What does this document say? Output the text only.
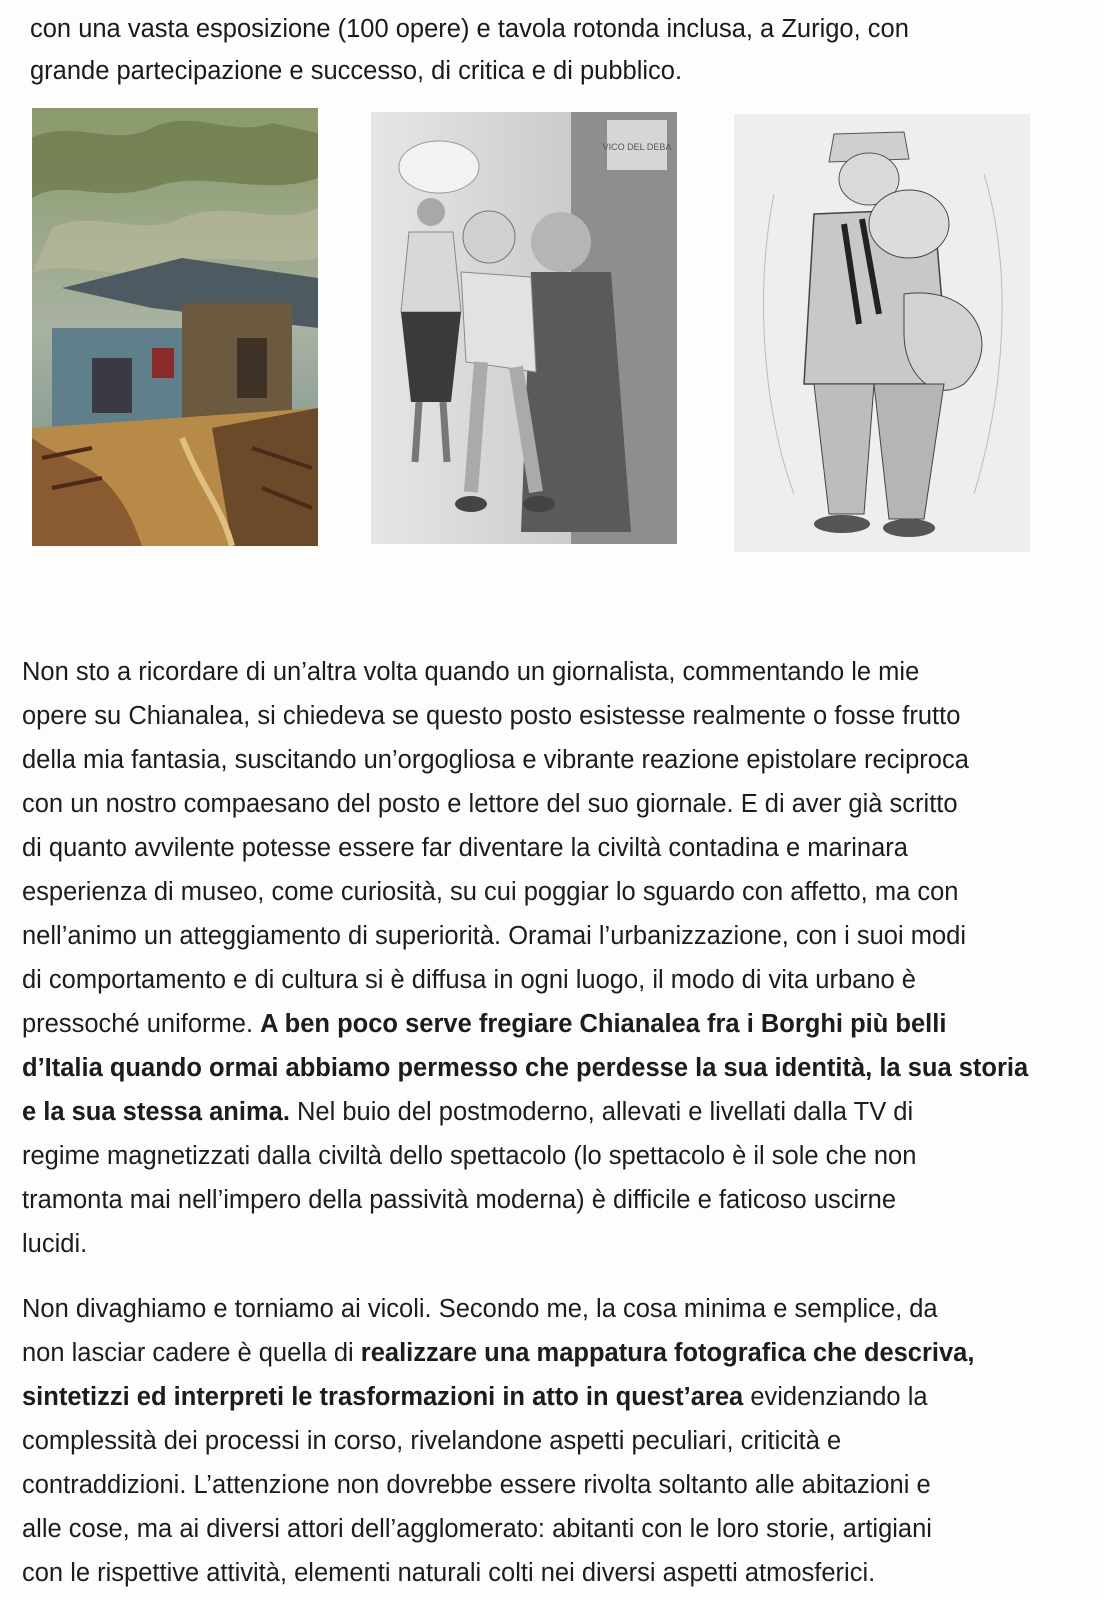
con una vasta esposizione (100 opere) e tavola rotonda inclusa, a Zurigo, con
grande partecipazione e successo, di critica e di pubblico.

VICO DEL DEBA

Non sto a ricordare di un’altra volta quando un giornalista, commentando le mie
opere su Chianalea, si chiedeva se questo posto esistesse realmente o fosse frutto
della mia fantasia, suscitando un’orgogliosa e vibrante reazione epistolare reciproca
con un nostro compaesano del posto e lettore del suo giornale. E di aver già scritto
di quanto avvilente potesse essere far diventare la civiltà contadina e marinara
esperienza di museo, come curiosità, su cui poggiar lo sguardo con affetto, ma con
nell’animo un atteggiamento di superiorità. Oramai l’urbanizzazione, con i suoi modi
di comportamento e di cultura si è diffusa in ogni luogo, il modo di vita urbano è
pressoché uniforme. A ben poco serve fregiare Chianalea fra i Borghi più belli
d’Italia quando ormai abbiamo permesso che perdesse la sua identità, la sua storia
e la sua stessa anima. Nel buio del postmoderno, allevati e livellati dalla TV di
regime magnetizzati dalla civiltà dello spettacolo (lo spettacolo è il sole che non
tramonta mai nell’impero della passività moderna) è difficile e faticoso uscirne
lucidi.

Non divaghiamo e torniamo ai vicoli. Secondo me, la cosa minima e semplice, da
non lasciar cadere è quella di realizzare una mappatura fotografica che descriva,
sintetizzi ed interpreti le trasformazioni in atto in quest’area evidenziando la
complessità dei processi in corso, rivelandone aspetti peculiari, criticità e
contraddizioni. L’attenzione non dovrebbe essere rivolta soltanto alle abitazioni e
alle cose, ma ai diversi attori dell’agglomerato: abitanti con le loro storie, artigiani
con le rispettive attività, elementi naturali colti nei diversi aspetti atmosferici.
